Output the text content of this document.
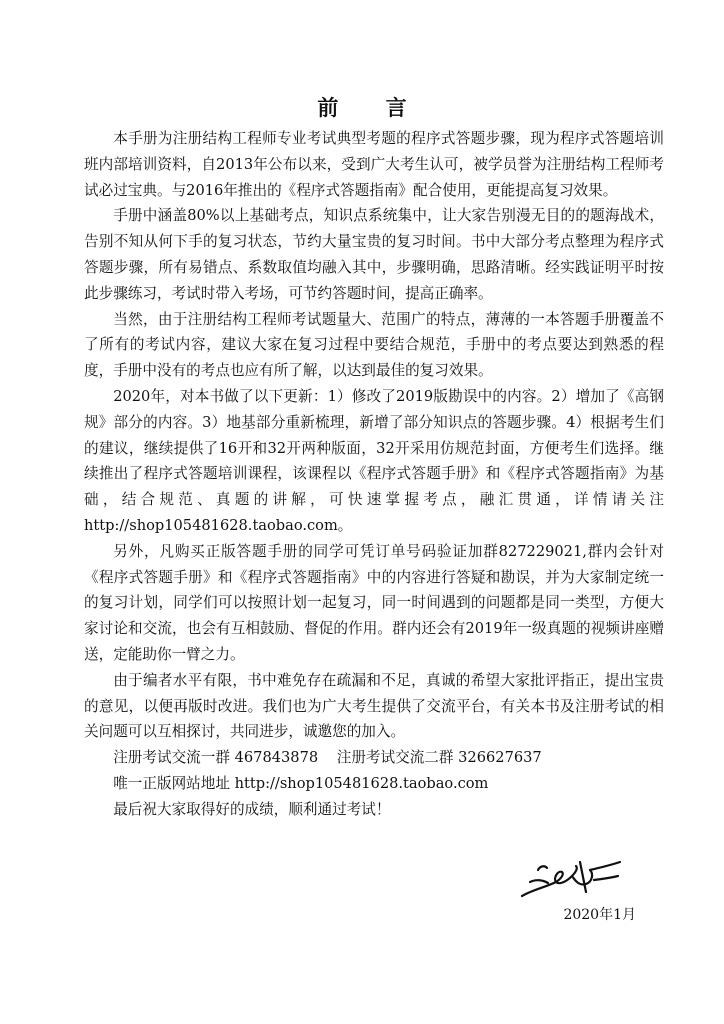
前 言

本手册为注册结构工程师专业考试典型考题的程序式答题步骤，现为程序式答题培训班内部培训资料，自2013年公布以来，受到广大考生认可，被学员誉为注册结构工程师考试必过宝典。与2016年推出的《程序式答题指南》配合使用，更能提高复习效果。

手册中涵盖80%以上基础考点，知识点系统集中，让大家告别漫无目的的题海战术，告别不知从何下手的复习状态，节约大量宝贵的复习时间。书中大部分考点整理为程序式答题步骤，所有易错点、系数取值均融入其中，步骤明确，思路清晰。经实践证明平时按此步骤练习，考试时带入考场，可节约答题时间，提高正确率。

当然，由于注册结构工程师考试题量大、范围广的特点，薄薄的一本答题手册覆盖不了所有的考试内容，建议大家在复习过程中要结合规范，手册中的考点要达到熟悉的程度，手册中没有的考点也应有所了解，以达到最佳的复习效果。

2020年，对本书做了以下更新：1）修改了2019版勘误中的内容。2）增加了《高钢规》部分的内容。3）地基部分重新梳理，新增了部分知识点的答题步骤。4）根据考生们的建议，继续提供了16开和32开两种版面，32开采用仿规范封面，方便考生们选择。继续推出了程序式答题培训课程，该课程以《程序式答题手册》和《程序式答题指南》为基础，结合规范、真题的讲解，可快速掌握考点，融汇贯通，详情请关注http://shop105481628.taobao.com。

另外，凡购买正版答题手册的同学可凭订单号码验证加群827229021,群内会针对《程序式答题手册》和《程序式答题指南》中的内容进行答疑和勘误，并为大家制定统一的复习计划，同学们可以按照计划一起复习，同一时间遇到的问题都是同一类型，方便大家讨论和交流，也会有互相鼓励、督促的作用。群内还会有2019年一级真题的视频讲座赠送，定能助你一臂之力。

由于编者水平有限，书中难免存在疏漏和不足，真诚的希望大家批评指正，提出宝贵的意见，以便再版时改进。我们也为广大考生提供了交流平台，有关本书及注册考试的相关问题可以互相探讨，共同进步，诚邀您的加入。

注册考试交流一群 467843878 注册考试交流二群 326627637

唯一正版网站地址 http://shop105481628.taobao.com

最后祝大家取得好的成绩，顺利通过考试！

2020年1月
